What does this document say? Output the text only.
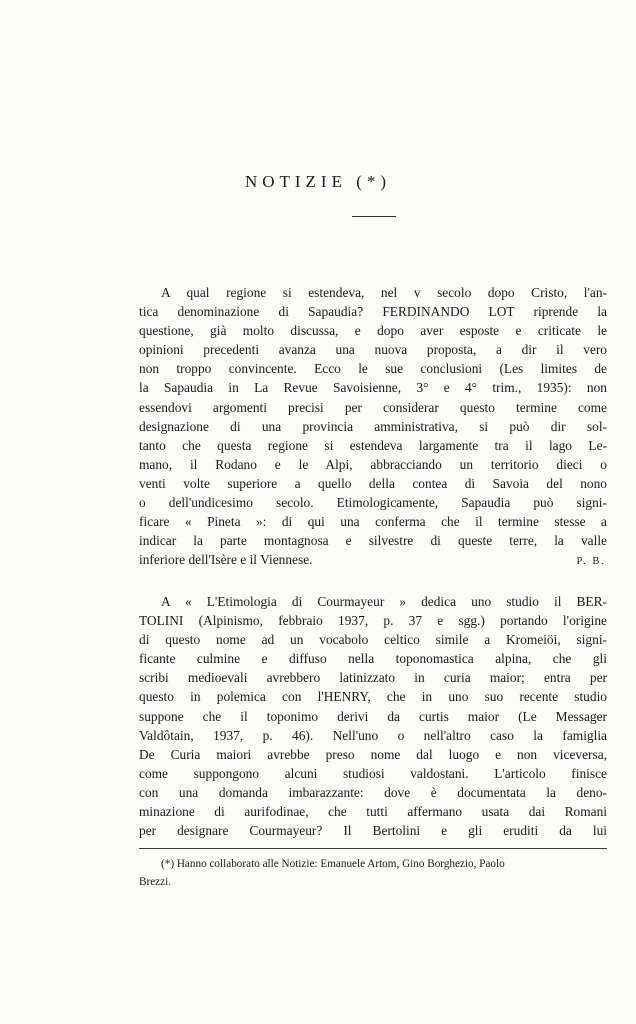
NOTIZIE (*)
A qual regione si estendeva, nel v secolo dopo Cristo, l'an-
tica denominazione di Sapaudia? FERDINANDO LOT riprende la
questione, già molto discussa, e dopo aver esposte e criticate le
opinioni precedenti avanza una nuova proposta, a dir il vero
non troppo convincente. Ecco le sue conclusioni (Les limites de
la Sapaudia in La Revue Savoisienne, 3° e 4° trim., 1935): non
essendovi argomenti precisi per considerar questo termine come
designazione di una provincia amministrativa, si può dir sol-
tanto che questa regione si estendeva largamente tra il lago Le-
mano, il Rodano e le Alpi, abbracciando un territorio dieci o
venti volte superiore a quello della contea di Savoia del nono
o dell'undicesimo secolo. Etimologicamente, Sapaudia può signi-
ficare « Pineta »: di qui una conferma che il termine stesse a
indicar la parte montagnosa e silvestre di queste terre, la valle
inferiore dell'Isère e il Viennese.	P. B.
A « L'Etimologia di Courmayeur » dedica uno studio il BER-
TOLINI (Alpinismo, febbraio 1937, p. 37 e sgg.) portando l'origine
di questo nome ad un vocabolo celtico simile a Kromeiöi, signi-
ficante culmine e diffuso nella toponomastica alpina, che gli
scribi medioevali avrebbero latinizzato in curia maior; entra per
questo in polemica con l'HENRY, che in uno suo recente studio
suppone che il toponimo derivi da curtis maior (Le Messager
Valdôtain, 1937, p. 46). Nell'uno o nell'altro caso la famiglia
De Curia maiori avrebbe preso nome dal luogo e non viceversa,
come suppongono alcuni studiosi valdostani. L'articolo finisce
con una domanda imbarazzante: dove è documentata la deno-
minazione di aurifodinae, che tutti affermano usata dai Romani
per designare Courmayeur? Il Bertolini e gli eruditi da lui
(*) Hanno collaborato alle Notizie: Emanuele Artom, Gino Borghezio, Paolo
Brezzi.
